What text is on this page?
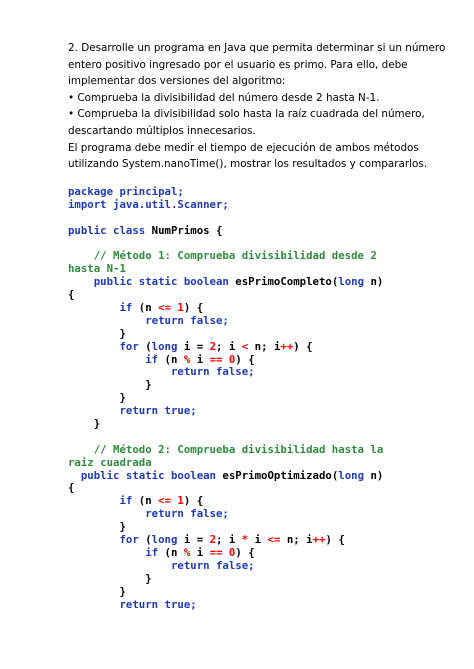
2. Desarrolle un programa en Java que permita determinar si un número
entero positivo ingresado por el usuario es primo. Para ello, debe
implementar dos versiones del algoritmo:
• Comprueba la divisibilidad del número desde 2 hasta N-1.
• Comprueba la divisibilidad solo hasta la raíz cuadrada del número,
descartando múltiplos innecesarios.
El programa debe medir el tiempo de ejecución de ambos métodos
utilizando System.nanoTime(), mostrar los resultados y compararlos.
package principal;
import java.util.Scanner;
public class NumPrimos {
// Método 1: Comprueba divisibilidad desde 2
hasta N-1
public static boolean esPrimoCompleto(long n)
{
if (n <= 1) {
return false;
}
for (long i = 2; i < n; i++) {
if (n % i == 0) {
return false;
}
}
return true;
}
// Método 2: Comprueba divisibilidad hasta la
raiz cuadrada
public static boolean esPrimoOptimizado(long n)
{
if (n <= 1) {
return false;
}
for (long i = 2; i * i <= n; i++) {
if (n % i == 0) {
return false;
}
}
return true;
